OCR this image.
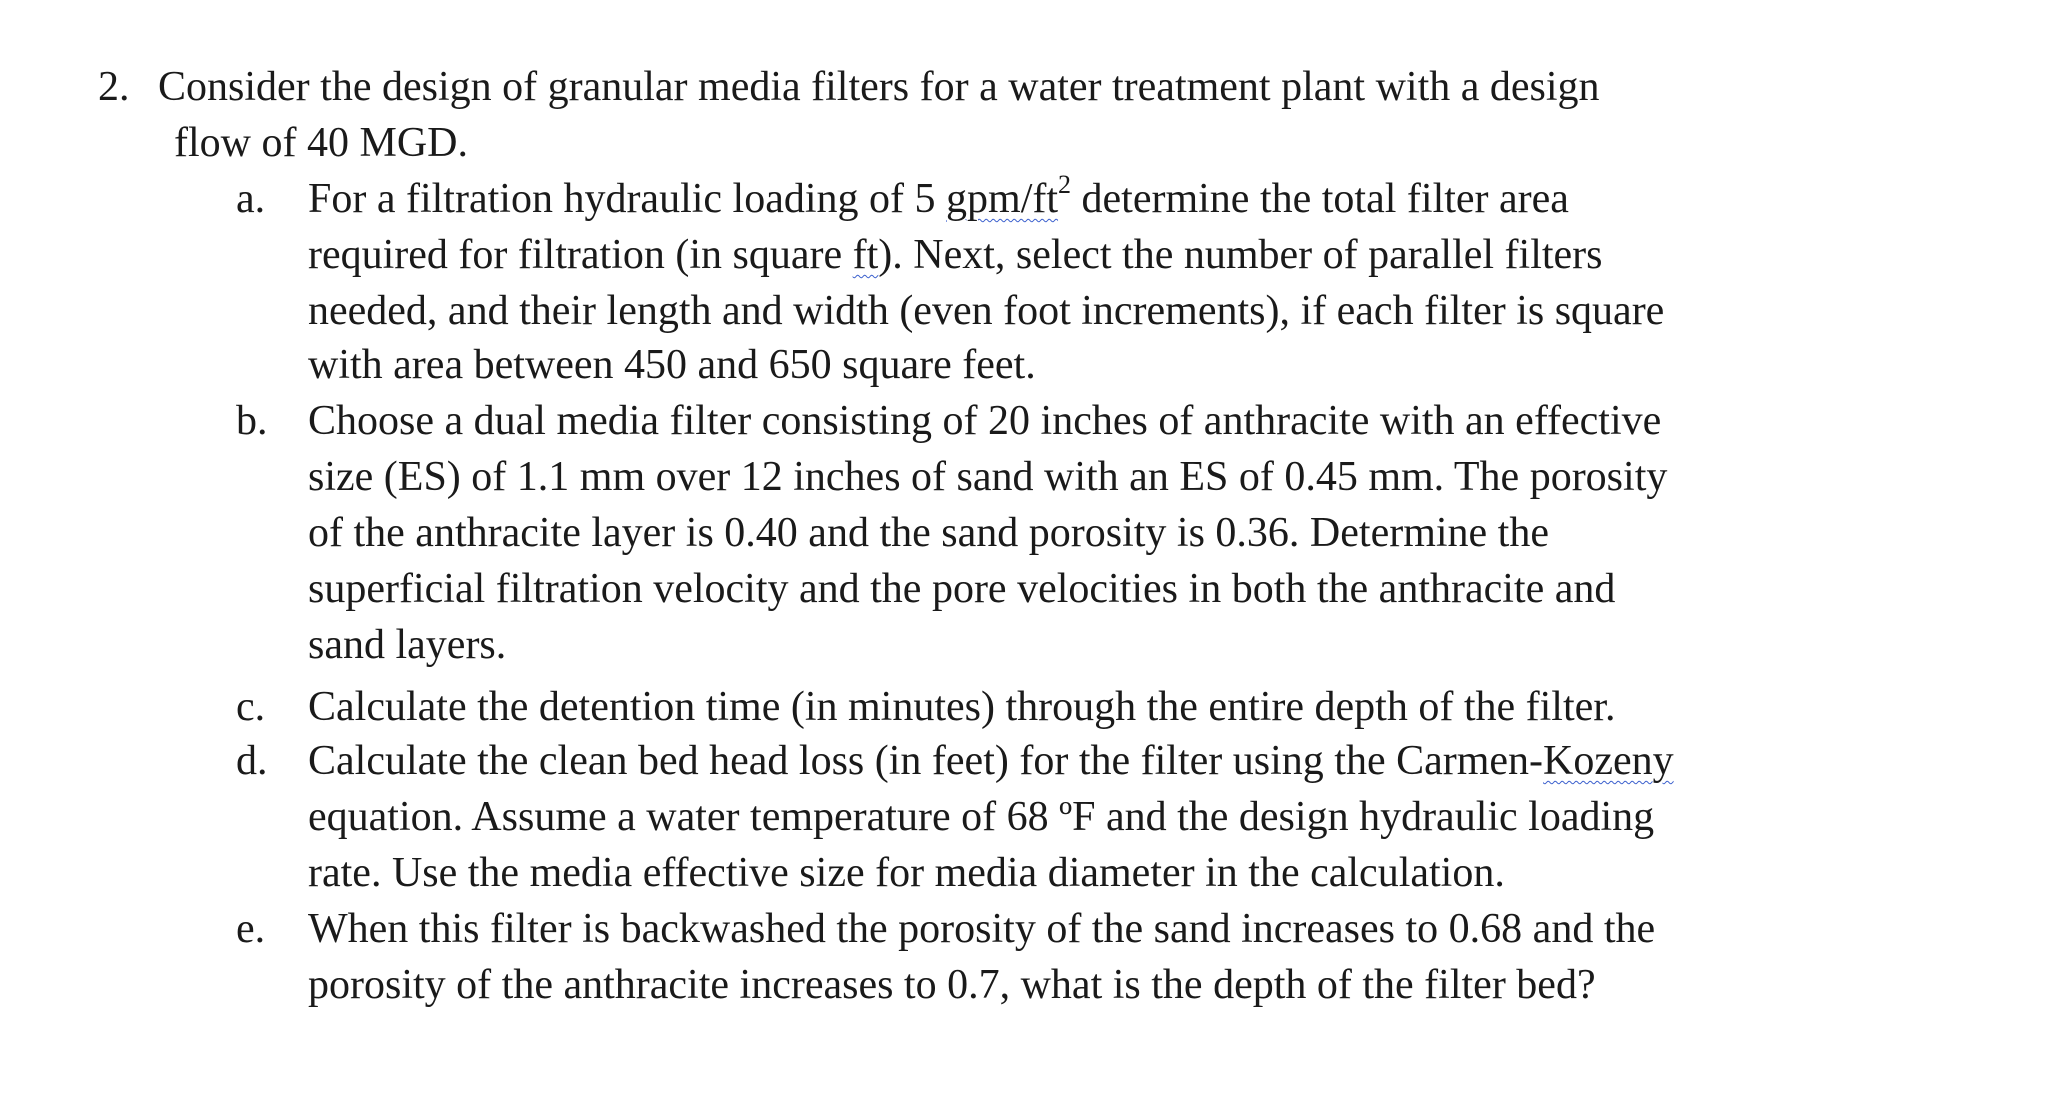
2. Consider the design of granular media filters for a water treatment plant with a design
flow of 40 MGD.
a. For a filtration hydraulic loading of 5 gpm/$ft^2$ determine the total filter area
required for filtration (in square ft). Next, select the number of parallel filters
needed, and their length and width (even foot increments), if each filter is square
with area between 450 and 650 square feet.
b. Choose a dual media filter consisting of 20 inches of anthracite with an effective
size (ES) of 1.1 mm over 12 inches of sand with an ES of 0.45 mm. The porosity
of the anthracite layer is 0.40 and the sand porosity is 0.36. Determine the
superficial filtration velocity and the pore velocities in both the anthracite and
sand layers.
c. Calculate the detention time (in minutes) through the entire depth of the filter.
d. Calculate the clean bed head loss (in feet) for the filter using the Carmen-Kozeny
equation. Assume a water temperature of 68 ºF and the design hydraulic loading
rate. Use the media effective size for media diameter in the calculation.
e. When this filter is backwashed the porosity of the sand increases to 0.68 and the
porosity of the anthracite increases to 0.7, what is the depth of the filter bed?
